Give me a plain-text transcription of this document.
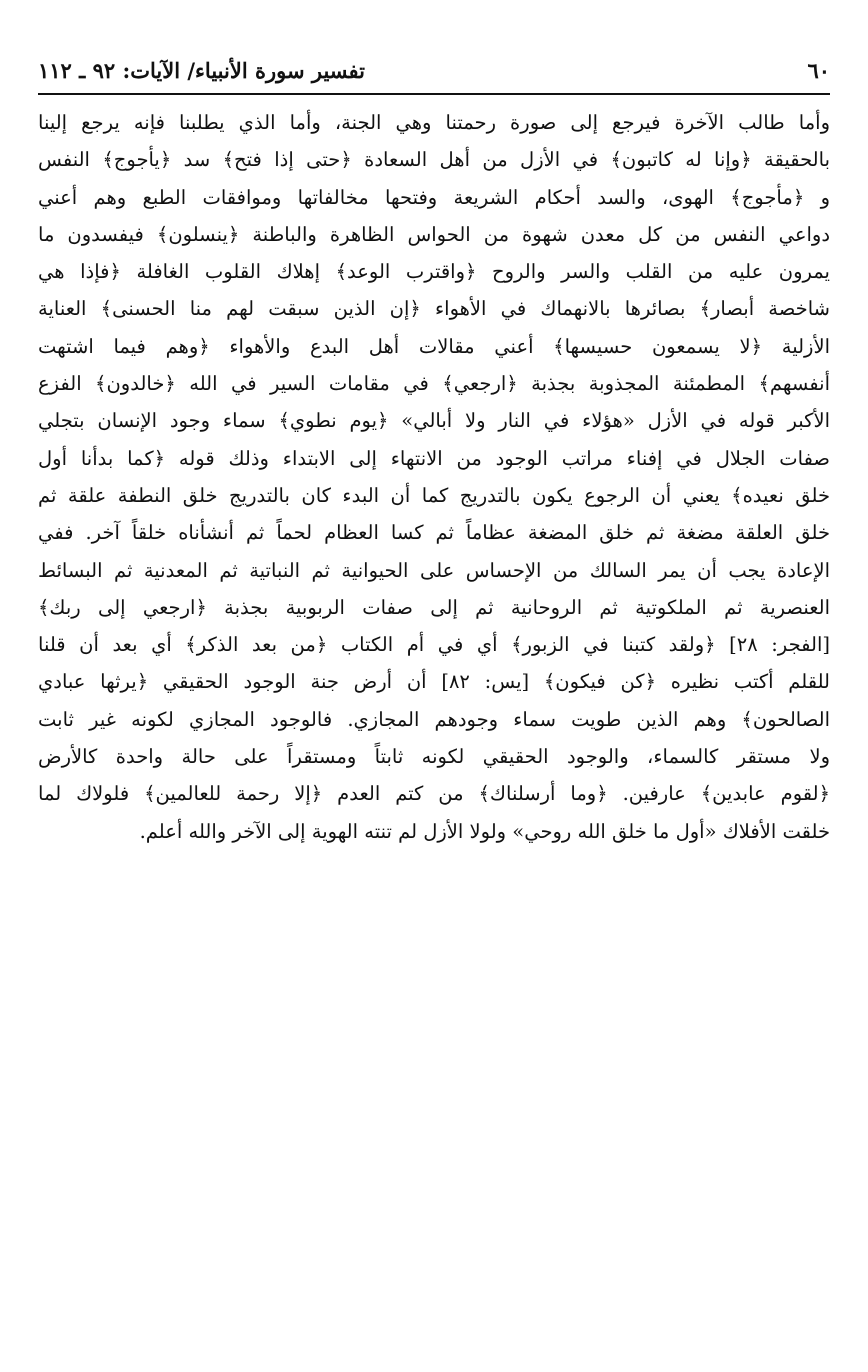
٦٠
تفسير سورة الأنبياء/ الآيات: ٩٢ ـ ١١٢
وأما طالب الآخرة فيرجع إلى صورة رحمتنا وهي الجنة، وأما الذي يطلبنا فإنه يرجع إلينا
بالحقيقة ﴿وإنا له كاتبون﴾ في الأزل من أهل السعادة ﴿حتى إذا فتح﴾ سد ﴿يأجوج﴾ النفس
و ﴿مأجوج﴾ الهوى، والسد أحكام الشريعة وفتحها مخالفاتها وموافقات الطبع وهم أعني
دواعي النفس من كل معدن شهوة من الحواس الظاهرة والباطنة ﴿ينسلون﴾ فيفسدون ما
يمرون عليه من القلب والسر والروح ﴿واقترب الوعد﴾ إهلاك القلوب الغافلة ﴿فإذا هي
شاخصة أبصار﴾ بصائرها بالانهماك في الأهواء ﴿إن الذين سبقت لهم منا الحسنى﴾ العناية
الأزلية ﴿لا يسمعون حسيسها﴾ أعني مقالات أهل البدع والأهواء ﴿وهم فيما اشتهت
أنفسهم﴾ المطمئنة المجذوبة بجذبة ﴿ارجعي﴾ في مقامات السير في الله ﴿خالدون﴾ الفزع
الأكبر قوله في الأزل «هؤلاء في النار ولا أبالي» ﴿يوم نطوي﴾ سماء وجود الإنسان بتجلي
صفات الجلال في إفناء مراتب الوجود من الانتهاء إلى الابتداء وذلك قوله ﴿كما بدأنا أول
خلق نعيده﴾ يعني أن الرجوع يكون بالتدريج كما أن البدء كان بالتدريج خلق النطفة علقة ثم
خلق العلقة مضغة ثم خلق المضغة عظاماً ثم كسا العظام لحماً ثم أنشأناه خلقاً آخر. ففي
الإعادة يجب أن يمر السالك من الإحساس على الحيوانية ثم النباتية ثم المعدنية ثم البسائط
العنصرية ثم الملكوتية ثم الروحانية ثم إلى صفات الربوبية بجذبة ﴿ارجعي إلى ربك﴾
[الفجر: ٢٨] ﴿ولقد كتبنا في الزبور﴾ أي في أم الكتاب ﴿من بعد الذكر﴾ أي بعد أن قلنا
للقلم أكتب نظيره ﴿كن فيكون﴾ [يس: ٨٢] أن أرض جنة الوجود الحقيقي ﴿يرثها عبادي
الصالحون﴾ وهم الذين طويت سماء وجودهم المجازي. فالوجود المجازي لكونه غير ثابت
ولا مستقر كالسماء، والوجود الحقيقي لكونه ثابتاً ومستقراً على حالة واحدة كالأرض
﴿لقوم عابدين﴾ عارفين. ﴿وما أرسلناك﴾ من كتم العدم ﴿إلا رحمة للعالمين﴾ فلولاك لما
خلقت الأفلاك «أول ما خلق الله روحي» ولولا الأزل لم تنته الهوية إلى الآخر والله أعلم.
